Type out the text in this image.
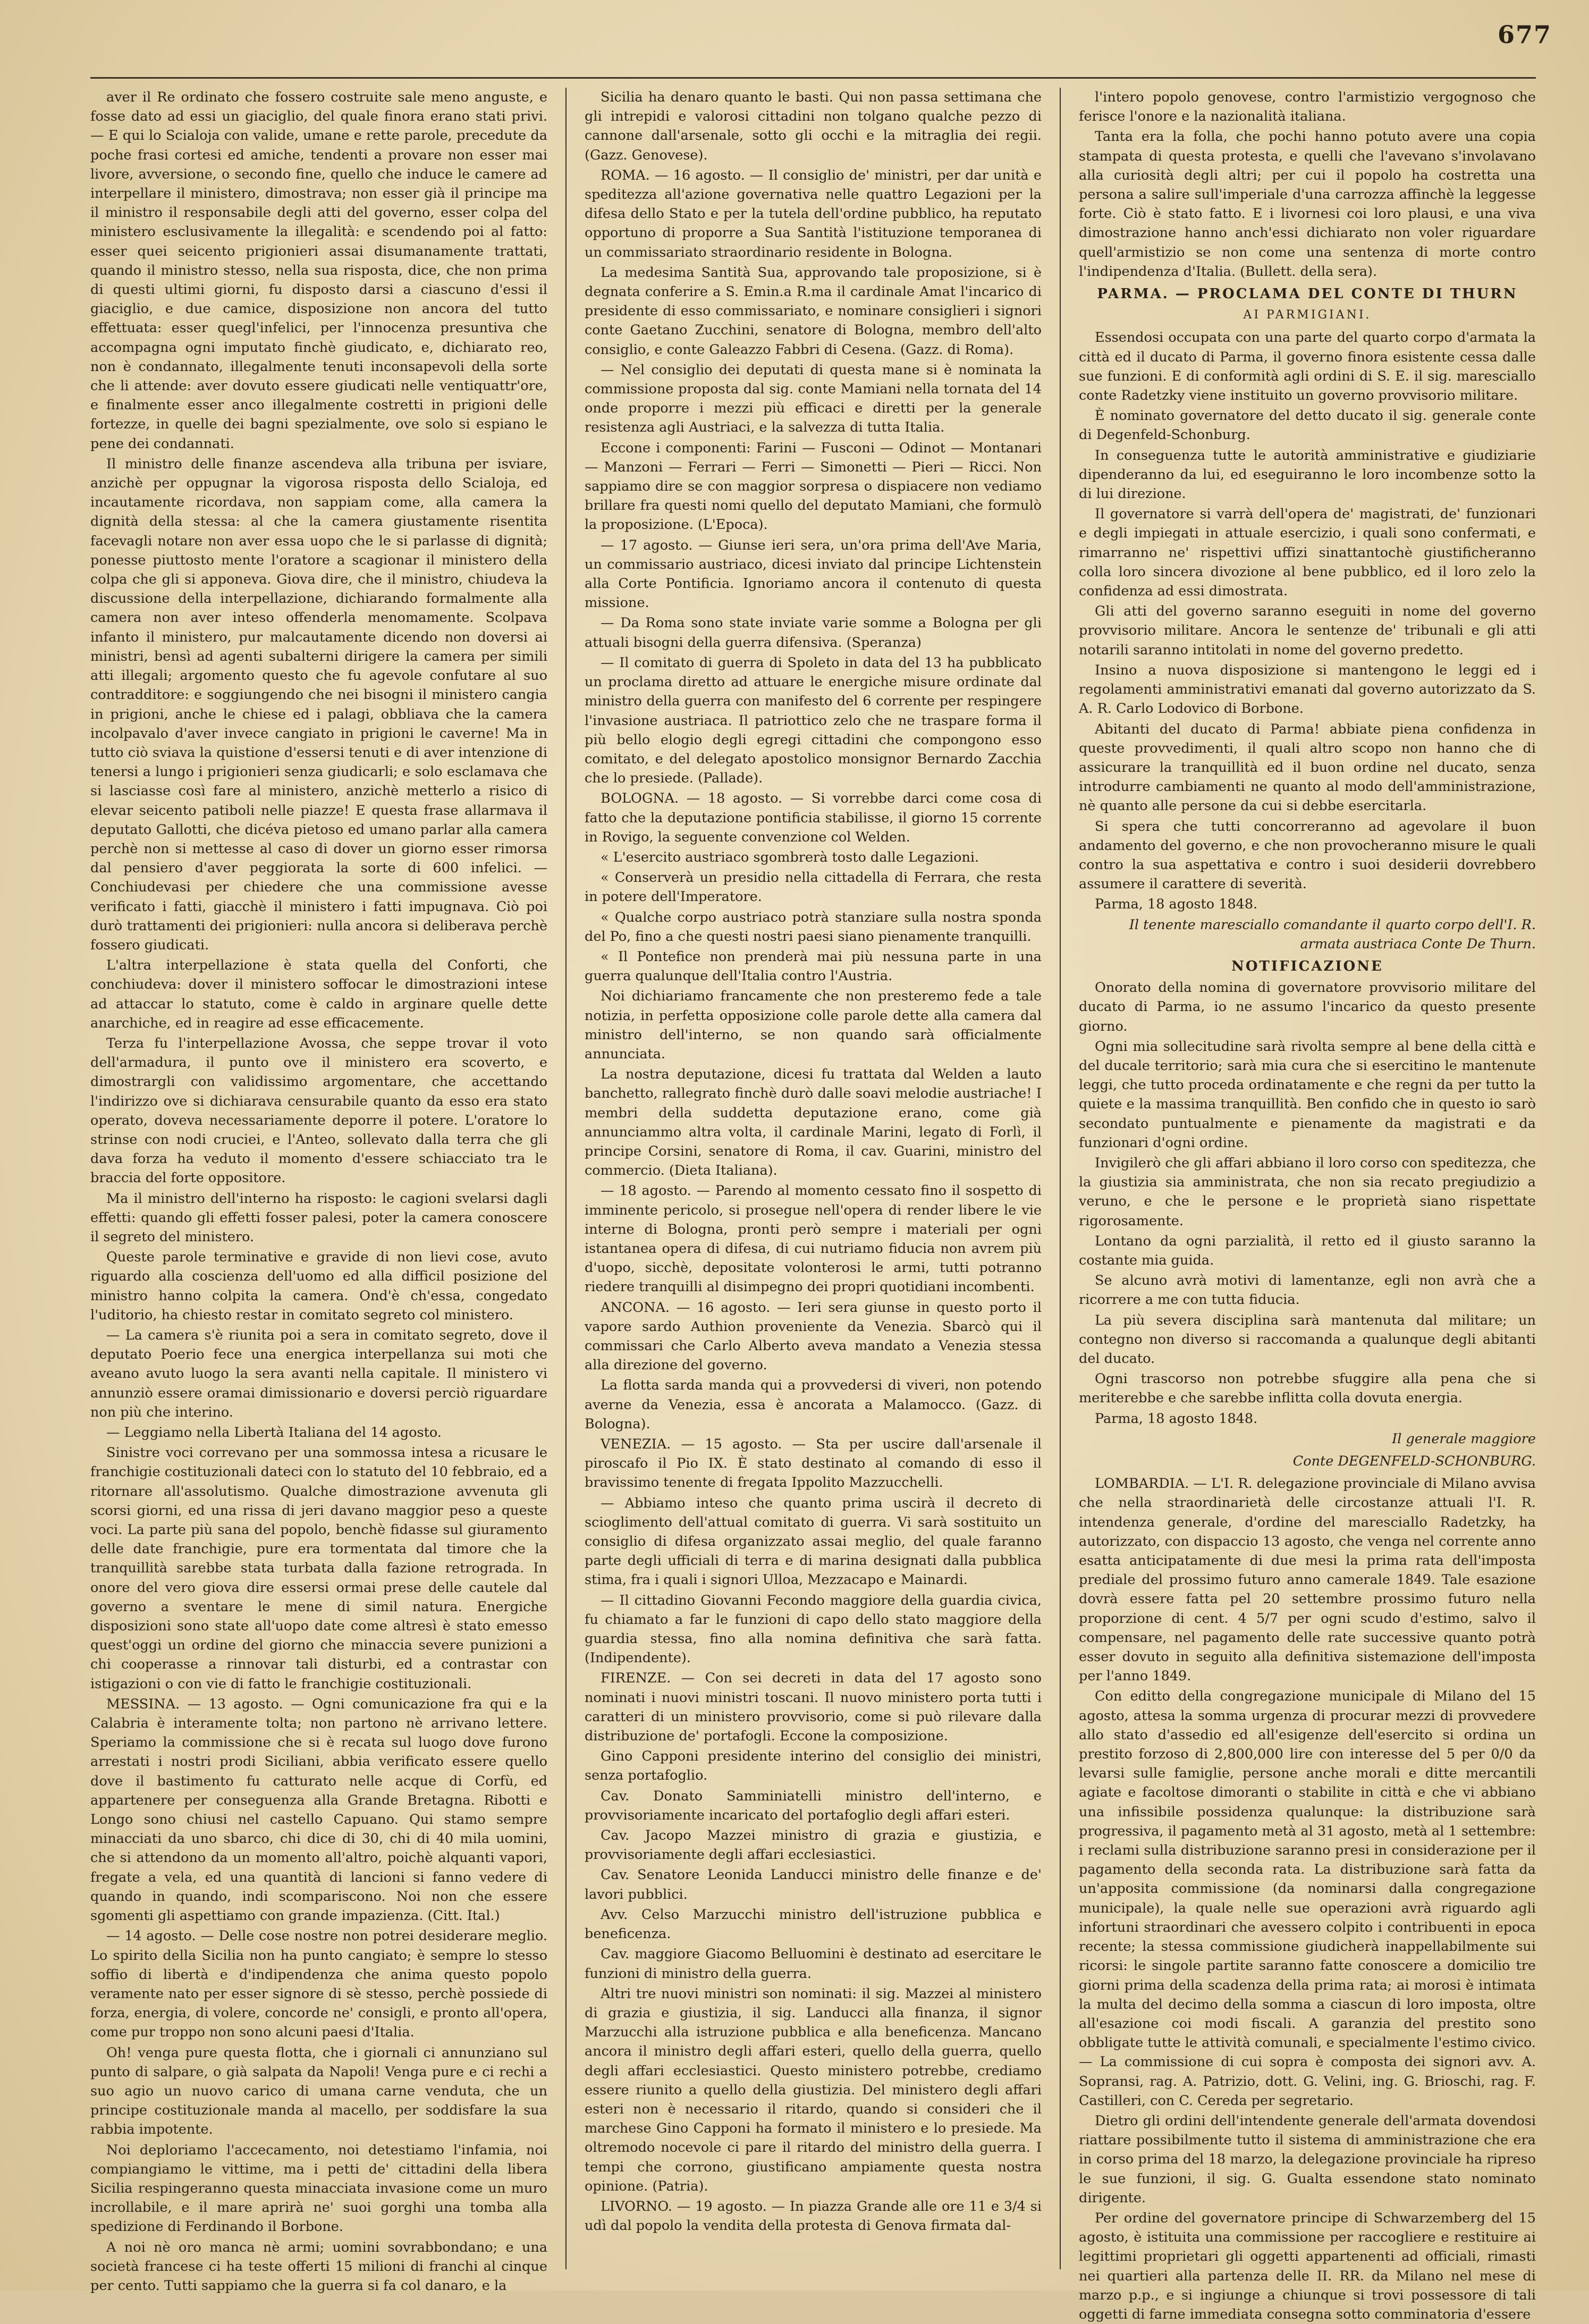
677

aver il Re ordinato che fossero costruite sale meno anguste, e fosse dato ad essi un giaciglio, del quale finora erano stati privi. — E qui lo Scialoja con valide, umane e rette parole, precedute da poche frasi cortesi ed amiche, tendenti a provare non esser mai livore, avversione, o secondo fine, quello che induce le camere ad interpellare il ministero, dimostrava; non esser già il principe ma il ministro il responsabile degli atti del governo, esser colpa del ministero esclusivamente la illegalità: e scendendo poi al fatto: esser quei seicento prigionieri assai disumanamente trattati, quando il ministro stesso, nella sua risposta, dice, che non prima di questi ultimi giorni, fu disposto darsi a ciascuno d'essi il giaciglio, e due camice, disposizione non ancora del tutto effettuata: esser quegl'infelici, per l'innocenza presuntiva che accompagna ogni imputato finchè giudicato, e, dichiarato reo, non è condannato, illegalmente tenuti inconsapevoli della sorte che li attende: aver dovuto essere giudicati nelle ventiquattr'ore, e finalmente esser anco illegalmente costretti in prigioni delle fortezze, in quelle dei bagni spezialmente, ove solo si espiano le pene dei condannati.

Il ministro delle finanze ascendeva alla tribuna per isviare, anzichè per oppugnar la vigorosa risposta dello Scialoja, ed incautamente ricordava, non sappiam come, alla camera la dignità della stessa: al che la camera giustamente risentita facevagli notare non aver essa uopo che le si parlasse di dignità; ponesse piuttosto mente l'oratore a scagionar il ministero della colpa che gli si apponeva. Giova dire, che il ministro, chiudeva la discussione della interpellazione, dichiarando formalmente alla camera non aver inteso offenderla menomamente. Scolpava infanto il ministero, pur malcautamente dicendo non doversi ai ministri, bensì ad agenti subalterni dirigere la camera per simili atti illegali; argomento questo che fu agevole confutare al suo contradditore: e soggiungendo che nei bisogni il ministero cangia in prigioni, anche le chiese ed i palagi, obbliava che la camera incolpavalo d'aver invece cangiato in prigioni le caverne! Ma in tutto ciò sviava la quistione d'essersi tenuti e di aver intenzione di tenersi a lungo i prigionieri senza giudicarli; e solo esclamava che si lasciasse così fare al ministero, anzichè metterlo a risico di elevar seicento patiboli nelle piazze! E questa frase allarmava il deputato Gallotti, che dicéva pietoso ed umano parlar alla camera perchè non si mettesse al caso di dover un giorno esser rimorsa dal pensiero d'aver peggiorata la sorte di 600 infelici. — Conchiudevasi per chiedere che una commissione avesse verificato i fatti, giacchè il ministero i fatti impugnava. Ciò poi durò trattamenti dei prigionieri: nulla ancora si deliberava perchè fossero giudicati.

L'altra interpellazione è stata quella del Conforti, che conchiudeva: dover il ministero soffocar le dimostrazioni intese ad attaccar lo statuto, come è caldo in arginare quelle dette anarchiche, ed in reagire ad esse efficacemente.

Terza fu l'interpellazione Avossa, che seppe trovar il voto dell'armadura, il punto ove il ministero era scoverto, e dimostrargli con validissimo argomentare, che accettando l'indirizzo ove si dichiarava censurabile quanto da esso era stato operato, doveva necessariamente deporre il potere. L'oratore lo strinse con nodi cruciei, e l'Anteo, sollevato dalla terra che gli dava forza ha veduto il momento d'essere schiacciato tra le braccia del forte oppositore.

Ma il ministro dell'interno ha risposto: le cagioni svelarsi dagli effetti: quando gli effetti fosser palesi, poter la camera conoscere il segreto del ministero.

Queste parole terminative e gravide di non lievi cose, avuto riguardo alla coscienza dell'uomo ed alla difficil posizione del ministro hanno colpita la camera. Ond'è ch'essa, congedato l'uditorio, ha chiesto restar in comitato segreto col ministero.

— La camera s'è riunita poi a sera in comitato segreto, dove il deputato Poerio fece una energica interpellanza sui moti che aveano avuto luogo la sera avanti nella capitale. Il ministero vi annunziò essere oramai dimissionario e doversi perciò riguardare non più che interino.

— Leggiamo nella Libertà Italiana del 14 agosto.

Sinistre voci correvano per una sommossa intesa a ricusare le franchigie costituzionali dateci con lo statuto del 10 febbraio, ed a ritornare all'assolutismo. Qualche dimostrazione avvenuta gli scorsi giorni, ed una rissa di jeri davano maggior peso a queste voci. La parte più sana del popolo, benchè fidasse sul giuramento delle date franchigie, pure era tormentata dal timore che la tranquillità sarebbe stata turbata dalla fazione retrograda. In onore del vero giova dire essersi ormai prese delle cautele dal governo a sventare le mene di simil natura. Energiche disposizioni sono state all'uopo date come altresì è stato emesso quest'oggi un ordine del giorno che minaccia severe punizioni a chi cooperasse a rinnovar tali disturbi, ed a contrastar con istigazioni o con vie di fatto le franchigie costituzionali.

MESSINA. — 13 agosto. — Ogni comunicazione fra qui e la Calabria è interamente tolta; non partono nè arrivano lettere. Speriamo la commissione che si è recata sul luogo dove furono arrestati i nostri prodi Siciliani, abbia verificato essere quello dove il bastimento fu catturato nelle acque di Corfù, ed appartenere per conseguenza alla Grande Bretagna. Ribotti e Longo sono chiusi nel castello Capuano. Qui stamo sempre minacciati da uno sbarco, chi dice di 30, chi di 40 mila uomini, che si attendono da un momento all'altro, poichè alquanti vapori, fregate a vela, ed una quantità di lancioni si fanno vedere di quando in quando, indi scompariscono. Noi non che essere sgomenti gli aspettiamo con grande impazienza. (Citt. Ital.)

— 14 agosto. — Delle cose nostre non potrei desiderare meglio. Lo spirito della Sicilia non ha punto cangiato; è sempre lo stesso soffio di libertà e d'indipendenza che anima questo popolo veramente nato per esser signore di sè stesso, perchè possiede di forza, energia, di volere, concorde ne' consigli, e pronto all'opera, come pur troppo non sono alcuni paesi d'Italia.

Oh! venga pure questa flotta, che i giornali ci annunziano sul punto di salpare, o già salpata da Napoli! Venga pure e ci rechi a suo agio un nuovo carico di umana carne venduta, che un principe costituzionale manda al macello, per soddisfare la sua rabbia impotente.

Noi deploriamo l'accecamento, noi detestiamo l'infamia, noi compiangiamo le vittime, ma i petti de' cittadini della libera Sicilia respingeranno questa minacciata invasione come un muro incrollabile, e il mare aprirà ne' suoi gorghi una tomba alla spedizione di Ferdinando il Borbone.

A noi nè oro manca nè armi; uomini sovrabbondano; e una società francese ci ha teste offerti 15 milioni di franchi al cinque per cento. Tutti sappiamo che la guerra si fa col danaro, e la

Sicilia ha denaro quanto le basti. Qui non passa settimana che gli intrepidi e valorosi cittadini non tolgano qualche pezzo di cannone dall'arsenale, sotto gli occhi e la mitraglia dei regii. (Gazz. Genovese).

ROMA. — 16 agosto. — Il consiglio de' ministri, per dar unità e speditezza all'azione governativa nelle quattro Legazioni per la difesa dello Stato e per la tutela dell'ordine pubblico, ha reputato opportuno di proporre a Sua Santità l'istituzione temporanea di un commissariato straordinario residente in Bologna.

La medesima Santità Sua, approvando tale proposizione, si è degnata conferire a S. Emin.a R.ma il cardinale Amat l'incarico di presidente di esso commissariato, e nominare consiglieri i signori conte Gaetano Zucchini, senatore di Bologna, membro dell'alto consiglio, e conte Galeazzo Fabbri di Cesena. (Gazz. di Roma).

— Nel consiglio dei deputati di questa mane si è nominata la commissione proposta dal sig. conte Mamiani nella tornata del 14 onde proporre i mezzi più efficaci e diretti per la generale resistenza agli Austriaci, e la salvezza di tutta Italia.

Eccone i componenti: Farini — Fusconi — Odinot — Montanari — Manzoni — Ferrari — Ferri — Simonetti — Pieri — Ricci. Non sappiamo dire se con maggior sorpresa o dispiacere non vediamo brillare fra questi nomi quello del deputato Mamiani, che formulò la proposizione. (L'Epoca).

— 17 agosto. — Giunse ieri sera, un'ora prima dell'Ave Maria, un commissario austriaco, dicesi inviato dal principe Lichtenstein alla Corte Pontificia. Ignoriamo ancora il contenuto di questa missione.

— Da Roma sono state inviate varie somme a Bologna per gli attuali bisogni della guerra difensiva. (Speranza)

— Il comitato di guerra di Spoleto in data del 13 ha pubblicato un proclama diretto ad attuare le energiche misure ordinate dal ministro della guerra con manifesto del 6 corrente per respingere l'invasione austriaca. Il patriottico zelo che ne traspare forma il più bello elogio degli egregi cittadini che compongono esso comitato, e del delegato apostolico monsignor Bernardo Zacchia che lo presiede. (Pallade).

BOLOGNA. — 18 agosto. — Si vorrebbe darci come cosa di fatto che la deputazione pontificia stabilisse, il giorno 15 corrente in Rovigo, la seguente convenzione col Welden.

« L'esercito austriaco sgombrerà tosto dalle Legazioni.

« Conserverà un presidio nella cittadella di Ferrara, che resta in potere dell'Imperatore.

« Qualche corpo austriaco potrà stanziare sulla nostra sponda del Po, fino a che questi nostri paesi siano pienamente tranquilli.

« Il Pontefice non prenderà mai più nessuna parte in una guerra qualunque dell'Italia contro l'Austria.

Noi dichiariamo francamente che non presteremo fede a tale notizia, in perfetta opposizione colle parole dette alla camera dal ministro dell'interno, se non quando sarà officialmente annunciata.

La nostra deputazione, dicesi fu trattata dal Welden a lauto banchetto, rallegrato finchè durò dalle soavi melodie austriache! I membri della suddetta deputazione erano, come già annunciammo altra volta, il cardinale Marini, legato di Forlì, il principe Corsini, senatore di Roma, il cav. Guarini, ministro del commercio. (Dieta Italiana).

— 18 agosto. — Parendo al momento cessato fino il sospetto di imminente pericolo, si prosegue nell'opera di render libere le vie interne di Bologna, pronti però sempre i materiali per ogni istantanea opera di difesa, di cui nutriamo fiducia non avrem più d'uopo, sicchè, depositate volonterosi le armi, tutti potranno riedere tranquilli al disimpegno dei propri quotidiani incombenti.

ANCONA. — 16 agosto. — Ieri sera giunse in questo porto il vapore sardo Authion proveniente da Venezia. Sbarcò qui il commissari che Carlo Alberto aveva mandato a Venezia stessa alla direzione del governo.

La flotta sarda manda qui a provvedersi di viveri, non potendo averne da Venezia, essa è ancorata a Malamocco. (Gazz. di Bologna).

VENEZIA. — 15 agosto. — Sta per uscire dall'arsenale il piroscafo il Pio IX. È stato destinato al comando di esso il bravissimo tenente di fregata Ippolito Mazzucchelli.

— Abbiamo inteso che quanto prima uscirà il decreto di scioglimento dell'attual comitato di guerra. Vi sarà sostituito un consiglio di difesa organizzato assai meglio, del quale faranno parte degli ufficiali di terra e di marina designati dalla pubblica stima, fra i quali i signori Ulloa, Mezzacapo e Mainardi.

— Il cittadino Giovanni Fecondo maggiore della guardia civica, fu chiamato a far le funzioni di capo dello stato maggiore della guardia stessa, fino alla nomina definitiva che sarà fatta. (Indipendente).

FIRENZE. — Con sei decreti in data del 17 agosto sono nominati i nuovi ministri toscani. Il nuovo ministero porta tutti i caratteri di un ministero provvisorio, come si può rilevare dalla distribuzione de' portafogli. Eccone la composizione.

Gino Capponi presidente interino del consiglio dei ministri, senza portafoglio.

Cav. Donato Samminiatelli ministro dell'interno, e provvisoriamente incaricato del portafoglio degli affari esteri.

Cav. Jacopo Mazzei ministro di grazia e giustizia, e provvisoriamente degli affari ecclesiastici.

Cav. Senatore Leonida Landucci ministro delle finanze e de' lavori pubblici.

Avv. Celso Marzucchi ministro dell'istruzione pubblica e beneficenza.

Cav. maggiore Giacomo Belluomini è destinato ad esercitare le funzioni di ministro della guerra.

Altri tre nuovi ministri son nominati: il sig. Mazzei al ministero di grazia e giustizia, il sig. Landucci alla finanza, il signor Marzucchi alla istruzione pubblica e alla beneficenza. Mancano ancora il ministro degli affari esteri, quello della guerra, quello degli affari ecclesiastici. Questo ministero potrebbe, crediamo essere riunito a quello della giustizia. Del ministero degli affari esteri non è necessario il ritardo, quando si consideri che il marchese Gino Capponi ha formato il ministero e lo presiede. Ma oltremodo nocevole ci pare il ritardo del ministro della guerra. I tempi che corrono, giustificano ampiamente questa nostra opinione. (Patria).

LIVORNO. — 19 agosto. — In piazza Grande alle ore 11 e 3/4 si udì dal popolo la vendita della protesta di Genova firmata dal-

l'intero popolo genovese, contro l'armistizio vergognoso che ferisce l'onore e la nazionalità italiana.

Tanta era la folla, che pochi hanno potuto avere una copia stampata di questa protesta, e quelli che l'avevano s'involavano alla curiosità degli altri; per cui il popolo ha costretta una persona a salire sull'imperiale d'una carrozza affinchè la leggesse forte. Ciò è stato fatto. E i livornesi coi loro plausi, e una viva dimostrazione hanno anch'essi dichiarato non voler riguardare quell'armistizio se non come una sentenza di morte contro l'indipendenza d'Italia. (Bullett. della sera).

PARMA. — PROCLAMA DEL CONTE DI THURN
AI PARMIGIANI.

Essendosi occupata con una parte del quarto corpo d'armata la città ed il ducato di Parma, il governo finora esistente cessa dalle sue funzioni. E di conformità agli ordini di S. E. il sig. maresciallo conte Radetzky viene instituito un governo provvisorio militare.

È nominato governatore del detto ducato il sig. generale conte di Degenfeld-Schonburg.

In conseguenza tutte le autorità amministrative e giudiziarie dipenderanno da lui, ed eseguiranno le loro incombenze sotto la di lui direzione.

Il governatore si varrà dell'opera de' magistrati, de' funzionari e degli impiegati in attuale esercizio, i quali sono confermati, e rimarranno ne' rispettivi uffizi sinattantochè giustificheranno colla loro sincera divozione al bene pubblico, ed il loro zelo la confidenza ad essi dimostrata.

Gli atti del governo saranno eseguiti in nome del governo provvisorio militare. Ancora le sentenze de' tribunali e gli atti notarili saranno intitolati in nome del governo predetto.

Insino a nuova disposizione si mantengono le leggi ed i regolamenti amministrativi emanati dal governo autorizzato da S. A. R. Carlo Lodovico di Borbone.

Abitanti del ducato di Parma! abbiate piena confidenza in queste provvedimenti, il quali altro scopo non hanno che di assicurare la tranquillità ed il buon ordine nel ducato, senza introdurre cambiamenti ne quanto al modo dell'amministrazione, nè quanto alle persone da cui si debbe esercitarla.

Si spera che tutti concorreranno ad agevolare il buon andamento del governo, e che non provocheranno misure le quali contro la sua aspettativa e contro i suoi desiderii dovrebbero assumere il carattere di severità.

Parma, 18 agosto 1848.
Il tenente maresciallo comandante il quarto corpo dell'I. R. armata austriaca Conte De Thurn.
NOTIFICAZIONE

Onorato della nomina di governatore provvisorio militare del ducato di Parma, io ne assumo l'incarico da questo presente giorno.

Ogni mia sollecitudine sarà rivolta sempre al bene della città e del ducale territorio; sarà mia cura che si esercitino le mantenute leggi, che tutto proceda ordinatamente e che regni da per tutto la quiete e la massima tranquillità. Ben confido che in questo io sarò secondato puntualmente e pienamente da magistrati e da funzionari d'ogni ordine.

Invigilerò che gli affari abbiano il loro corso con speditezza, che la giustizia sia amministrata, che non sia recato pregiudizio a veruno, e che le persone e le proprietà siano rispettate rigorosamente.

Lontano da ogni parzialità, il retto ed il giusto saranno la costante mia guida.

Se alcuno avrà motivi di lamentanze, egli non avrà che a ricorrere a me con tutta fiducia.

La più severa disciplina sarà mantenuta dal militare; un contegno non diverso si raccomanda a qualunque degli abitanti del ducato.

Ogni trascorso non potrebbe sfuggire alla pena che si meriterebbe e che sarebbe inflitta colla dovuta energia.

Parma, 18 agosto 1848.
Il generale maggiore
Conte DEGENFELD-SCHONBURG.

LOMBARDIA. — L'I. R. delegazione provinciale di Milano avvisa che nella straordinarietà delle circostanze attuali l'I. R. intendenza generale, d'ordine del maresciallo Radetzky, ha autorizzato, con dispaccio 13 agosto, che venga nel corrente anno esatta anticipatamente di due mesi la prima rata dell'imposta prediale del prossimo futuro anno camerale 1849. Tale esazione dovrà essere fatta pel 20 settembre prossimo futuro nella proporzione di cent. 4 5/7 per ogni scudo d'estimo, salvo il compensare, nel pagamento delle rate successive quanto potrà esser dovuto in seguito alla definitiva sistemazione dell'imposta per l'anno 1849.

Con editto della congregazione municipale di Milano del 15 agosto, attesa la somma urgenza di procurar mezzi di provvedere allo stato d'assedio ed all'esigenze dell'esercito si ordina un prestito forzoso di 2,800,000 lire con interesse del 5 per 0/0 da levarsi sulle famiglie, persone anche morali e ditte mercantili agiate e facoltose dimoranti o stabilite in città e che vi abbiano una infissibile possidenza qualunque: la distribuzione sarà progressiva, il pagamento metà al 31 agosto, metà al 1 settembre: i reclami sulla distribuzione saranno presi in considerazione per il pagamento della seconda rata. La distribuzione sarà fatta da un'apposita commissione (da nominarsi dalla congregazione municipale), la quale nelle sue operazioni avrà riguardo agli infortuni straordinari che avessero colpito i contribuenti in epoca recente; la stessa commissione giudicherà inappellabilmente sui ricorsi: le singole partite saranno fatte conoscere a domicilio tre giorni prima della scadenza della prima rata; ai morosi è intimata la multa del decimo della somma a ciascun di loro imposta, oltre all'esazione coi modi fiscali. A garanzia del prestito sono obbligate tutte le attività comunali, e specialmente l'estimo civico. — La commissione di cui sopra è composta dei signori avv. A. Sopransi, rag. A. Patrizio, dott. G. Velini, ing. G. Brioschi, rag. F. Castilleri, con C. Cereda per segretario.

Dietro gli ordini dell'intendente generale dell'armata dovendosi riattare possibilmente tutto il sistema di amministrazione che era in corso prima del 18 marzo, la delegazione provinciale ha ripreso le sue funzioni, il sig. G. Gualta essendone stato nominato dirigente.

Per ordine del governatore principe di Schwarzemberg del 15 agosto, è istituita una commissione per raccogliere e restituire ai legittimi proprietari gli oggetti appartenenti ad officiali, rimasti nei quartieri alla partenza delle II. RR. da Milano nel mese di marzo p.p., e si ingiunge a chiunque si trovi possessore di tali oggetti di farne immediata consegna sotto comminatoria d'essere
